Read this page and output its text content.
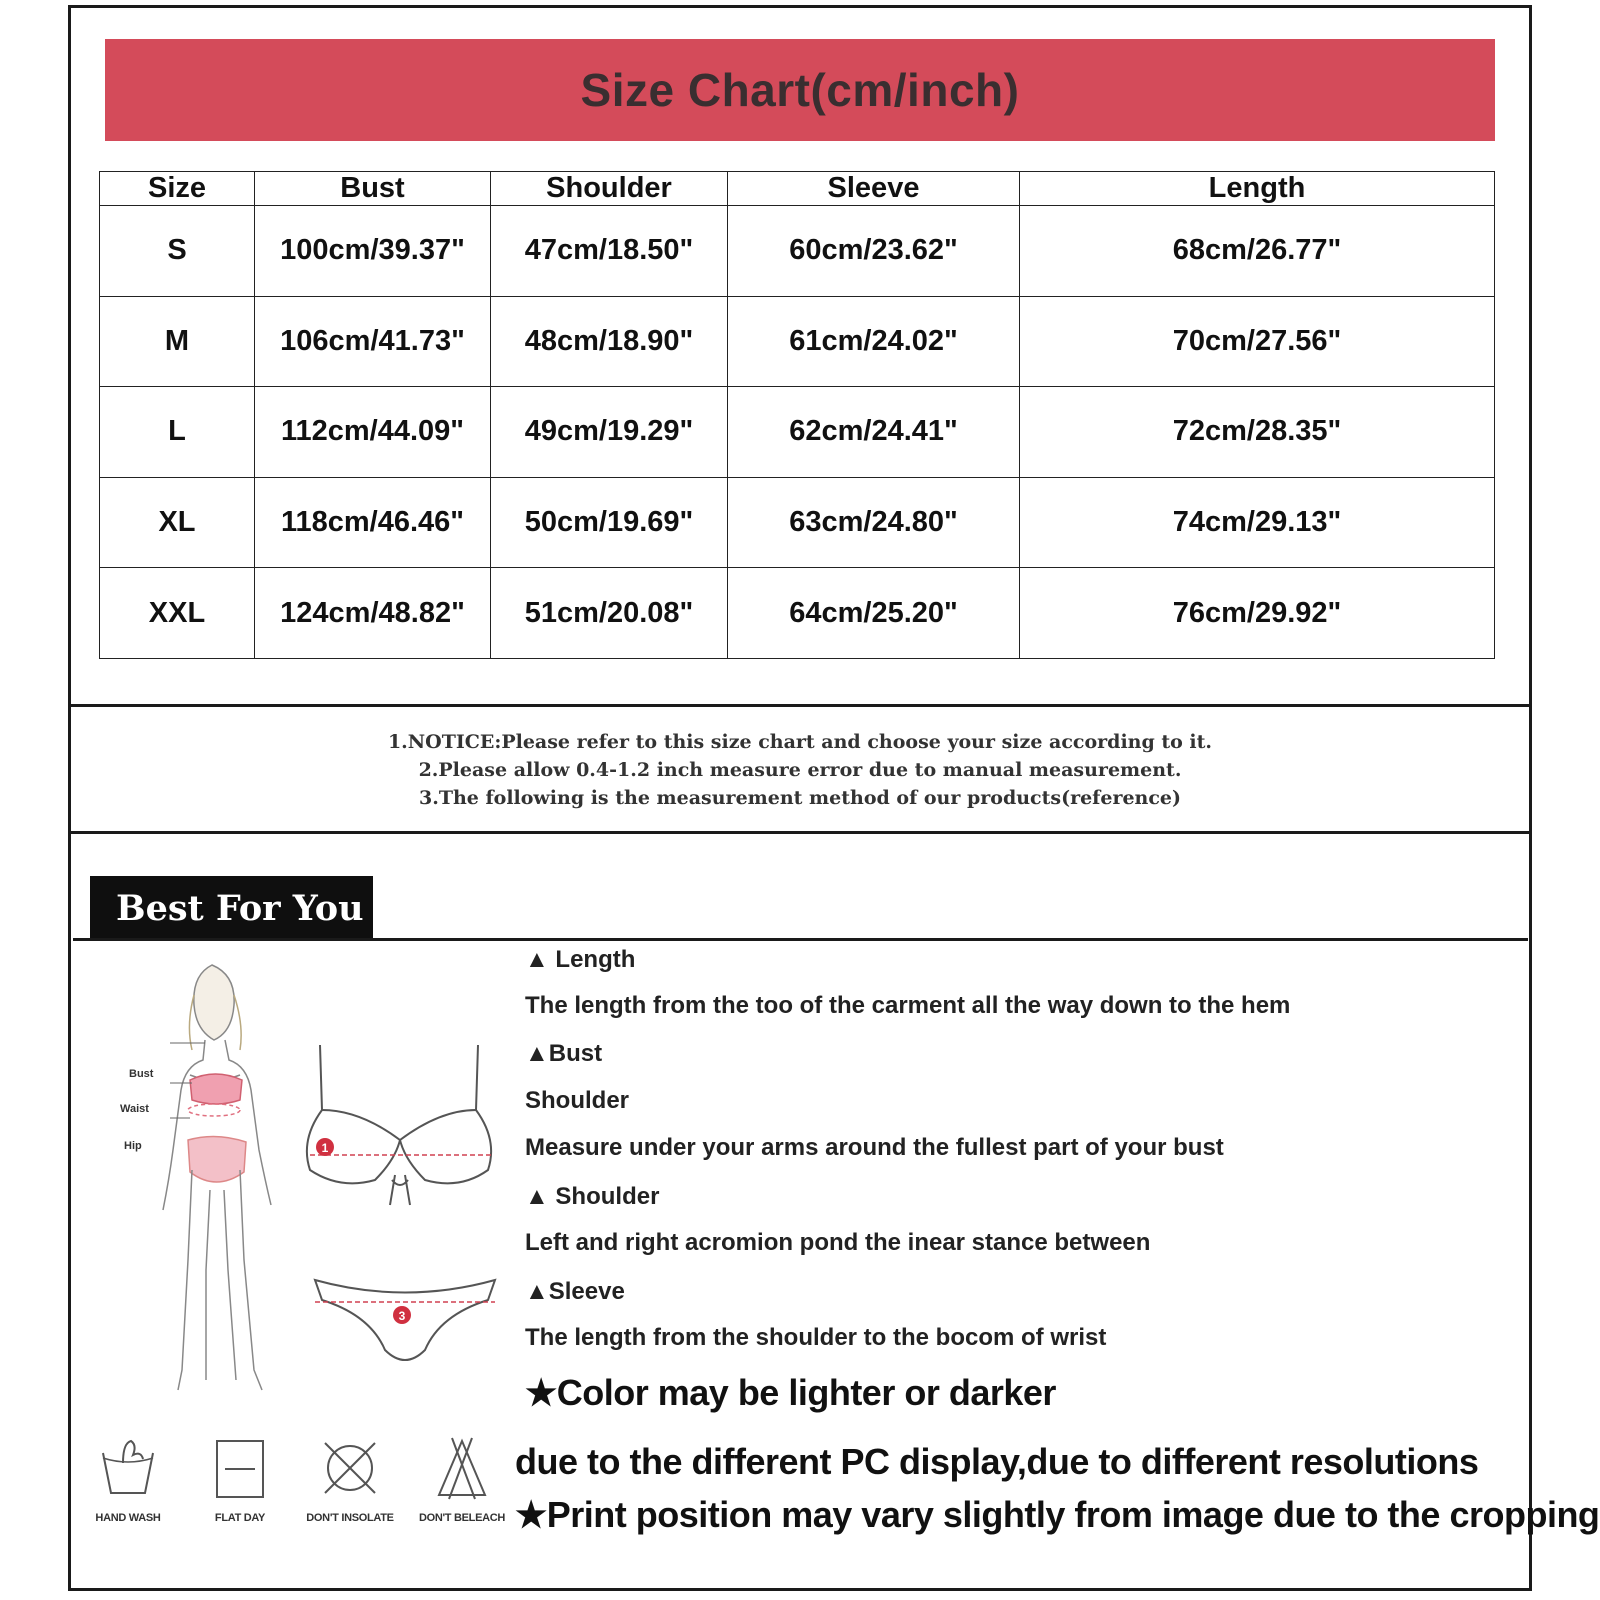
Size Chart(cm/inch)
Size	Bust	Shoulder	Sleeve	Length
S	100cm/39.37"	47cm/18.50"	60cm/23.62"	68cm/26.77"
M	106cm/41.73"	48cm/18.90"	61cm/24.02"	70cm/27.56"
L	112cm/44.09"	49cm/19.29"	62cm/24.41"	72cm/28.35"
XL	118cm/46.46"	50cm/19.69"	63cm/24.80"	74cm/29.13"
XXL	124cm/48.82"	51cm/20.08"	64cm/25.20"	76cm/29.92"
1.NOTICE:Please refer to this size chart and choose your size according to it.
2.Please allow 0.4-1.2 inch measure error due to manual measurement.
3.The following is the measurement method of our products(reference)
Best For You
▲ Length
The length from the too of the carment all the way down to the hem
▲Bust
Shoulder
Measure under your arms around the fullest part of your bust
▲ Shoulder
Left and right acromion pond the inear stance between
▲Sleeve
The length from the shoulder to the bocom of wrist
★Color may be lighter or darker
due to the different PC display,due to different resolutions
★Print position may vary slightly from image due to the cropping
Bust
Waist
Hip	1
3
HAND WASH	FLAT DAY	DON'T INSOLATE	DON'T BELEACH
